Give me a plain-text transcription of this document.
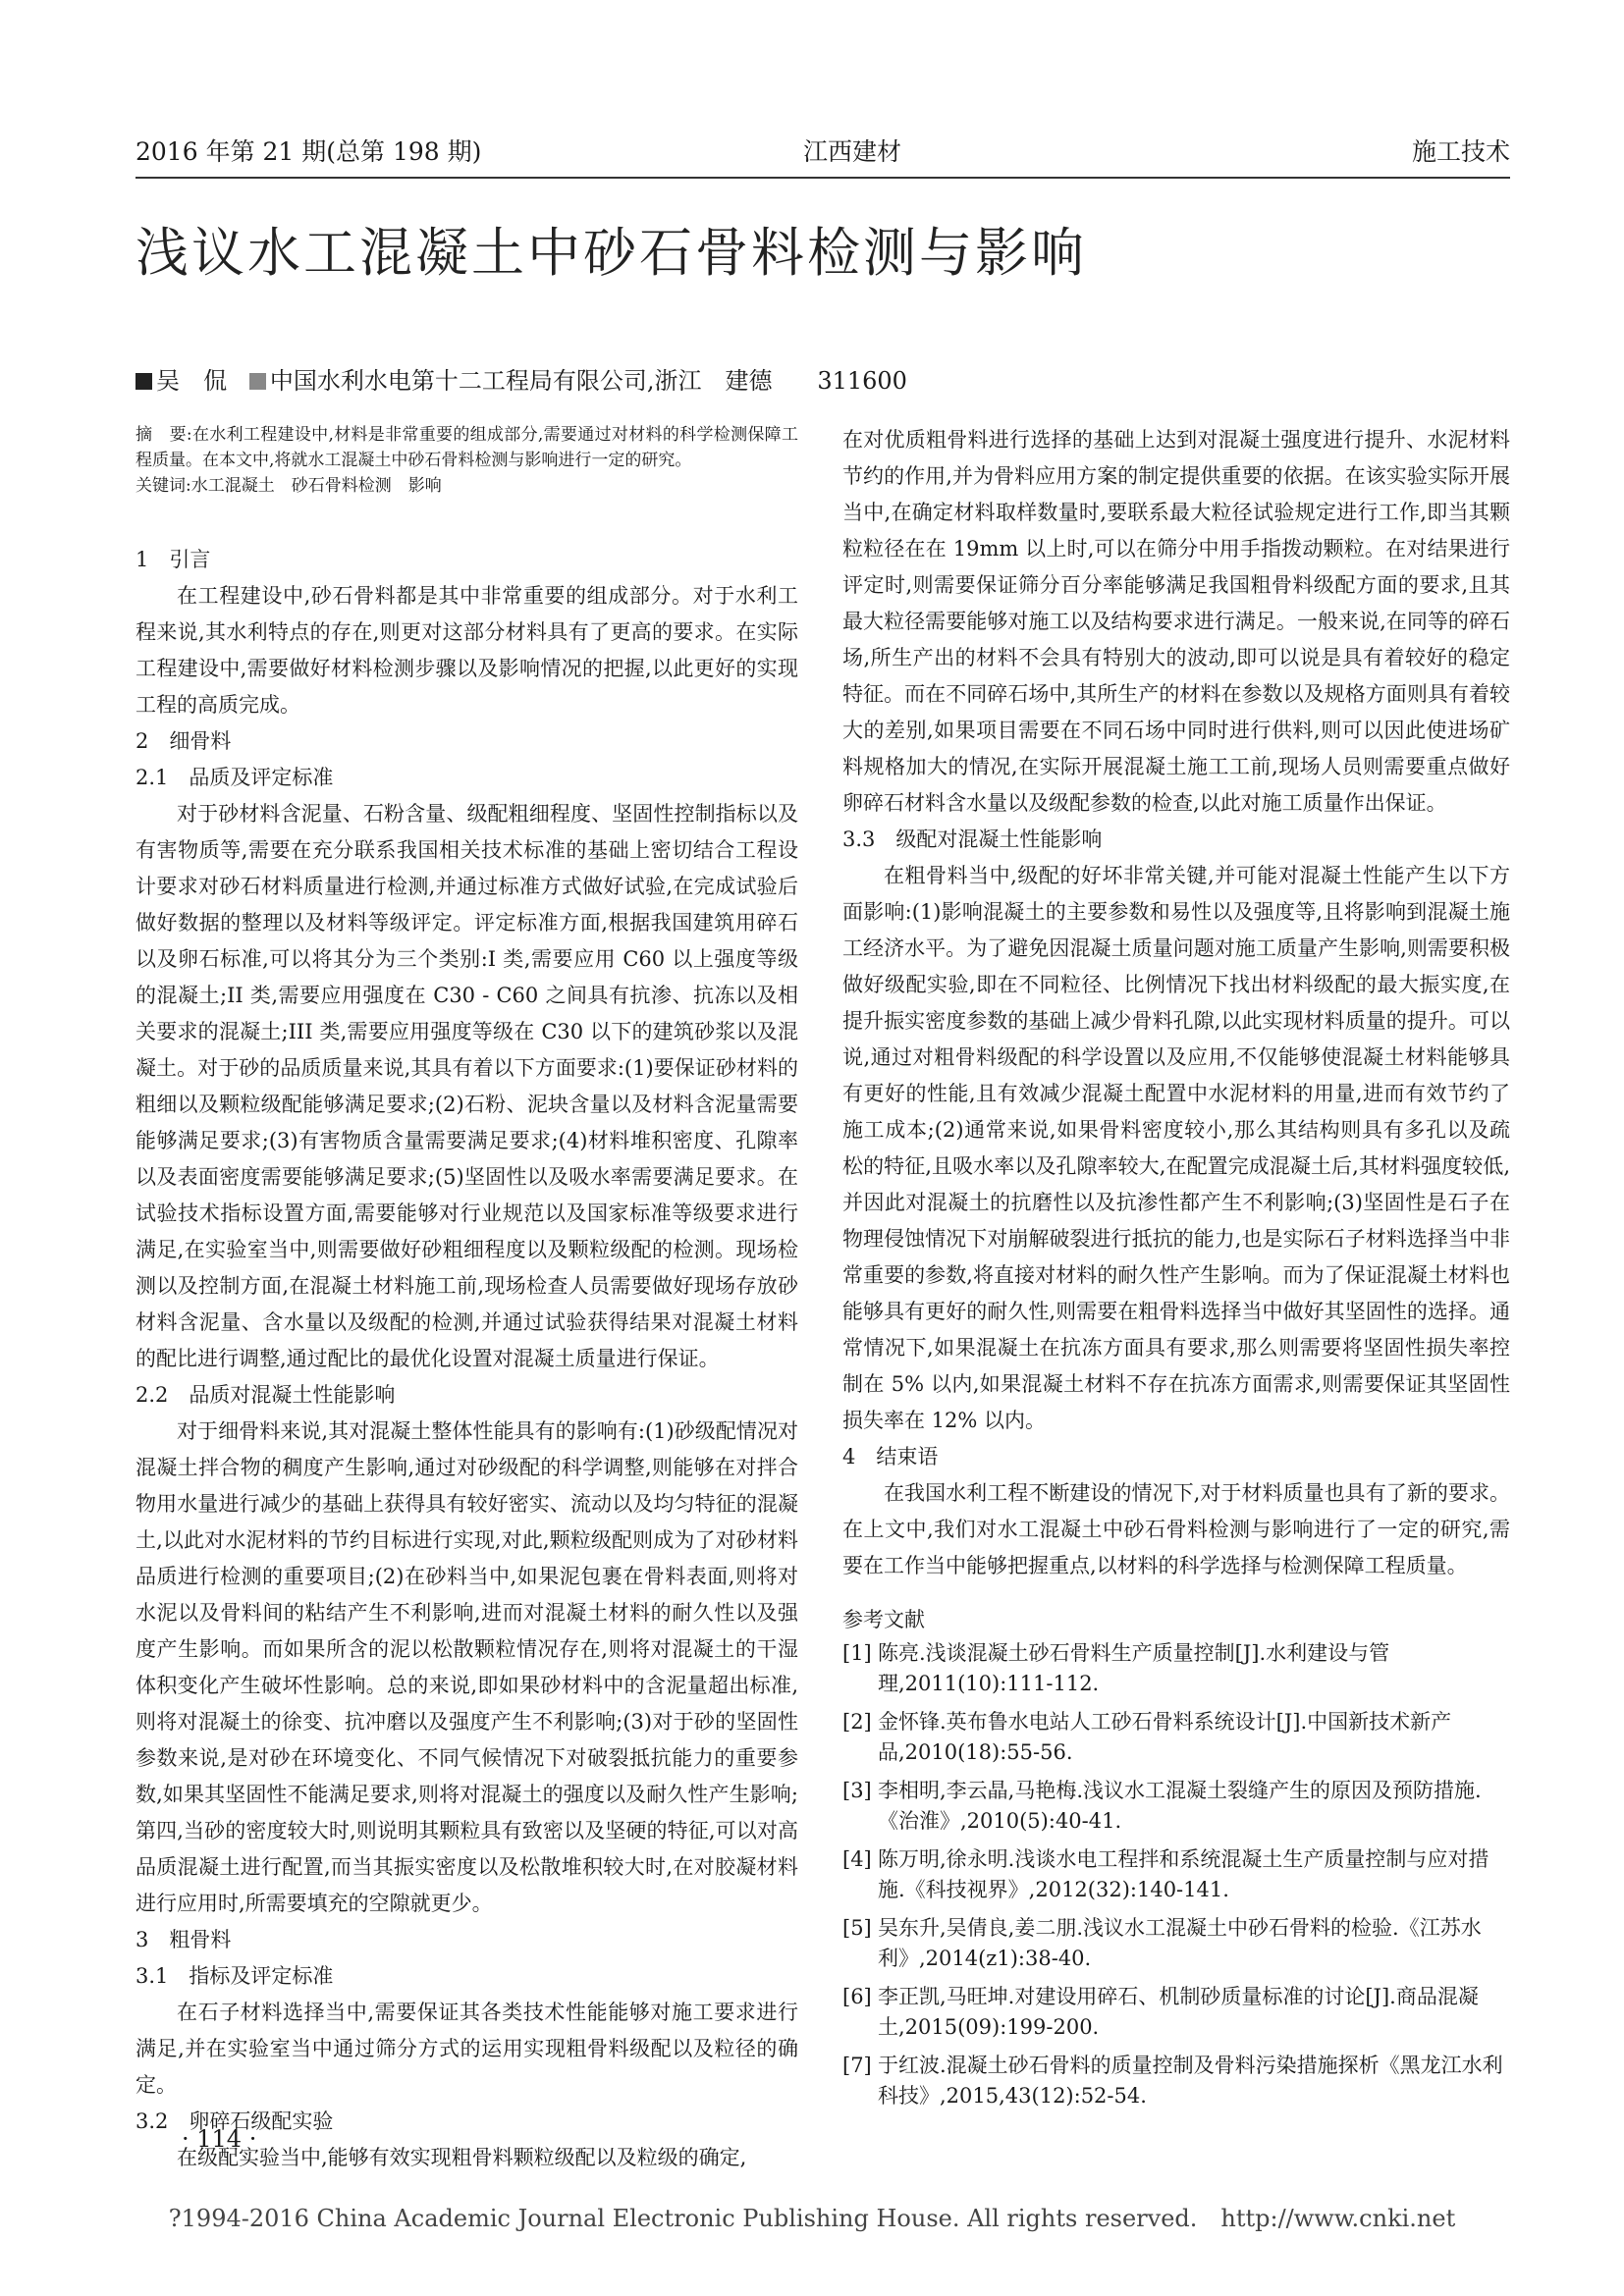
2016 年第 21 期(总第 198 期)	江西建材	施工技术
浅议水工混凝土中砂石骨料检测与影响
吴　侃 中国水利水电第十二工程局有限公司,浙江　建德 311600

摘　要:在水利工程建设中,材料是非常重要的组成部分,需要通过对材料的科学检测保障工程质量。在本文中,将就水工混凝土中砂石骨料检测与影响进行一定的研究。

关键词:水工混凝土　砂石骨料检测　影响

1　引言

在工程建设中,砂石骨料都是其中非常重要的组成部分。对于水利工程来说,其水利特点的存在,则更对这部分材料具有了更高的要求。在实际工程建设中,需要做好材料检测步骤以及影响情况的把握,以此更好的实现工程的高质完成。

2　细骨料

2.1　品质及评定标准

对于砂材料含泥量、石粉含量、级配粗细程度、坚固性控制指标以及有害物质等,需要在充分联系我国相关技术标准的基础上密切结合工程设计要求对砂石材料质量进行检测,并通过标准方式做好试验,在完成试验后做好数据的整理以及材料等级评定。评定标准方面,根据我国建筑用碎石以及卵石标准,可以将其分为三个类别:I 类,需要应用 C60 以上强度等级的混凝土;II 类,需要应用强度在 C30 - C60 之间具有抗渗、抗冻以及相关要求的混凝土;III 类,需要应用强度等级在 C30 以下的建筑砂浆以及混凝土。对于砂的品质质量来说,其具有着以下方面要求:(1)要保证砂材料的粗细以及颗粒级配能够满足要求;(2)石粉、泥块含量以及材料含泥量需要能够满足要求;(3)有害物质含量需要满足要求;(4)材料堆积密度、孔隙率以及表面密度需要能够满足要求;(5)坚固性以及吸水率需要满足要求。在试验技术指标设置方面,需要能够对行业规范以及国家标准等级要求进行满足,在实验室当中,则需要做好砂粗细程度以及颗粒级配的检测。现场检测以及控制方面,在混凝土材料施工前,现场检查人员需要做好现场存放砂材料含泥量、含水量以及级配的检测,并通过试验获得结果对混凝土材料的配比进行调整,通过配比的最优化设置对混凝土质量进行保证。

2.2　品质对混凝土性能影响

对于细骨料来说,其对混凝土整体性能具有的影响有:(1)砂级配情况对混凝土拌合物的稠度产生影响,通过对砂级配的科学调整,则能够在对拌合物用水量进行减少的基础上获得具有较好密实、流动以及均匀特征的混凝土,以此对水泥材料的节约目标进行实现,对此,颗粒级配则成为了对砂材料品质进行检测的重要项目;(2)在砂料当中,如果泥包裹在骨料表面,则将对水泥以及骨料间的粘结产生不利影响,进而对混凝土材料的耐久性以及强度产生影响。而如果所含的泥以松散颗粒情况存在,则将对混凝土的干湿体积变化产生破坏性影响。总的来说,即如果砂材料中的含泥量超出标准,则将对混凝土的徐变、抗冲磨以及强度产生不利影响;(3)对于砂的坚固性参数来说,是对砂在环境变化、不同气候情况下对破裂抵抗能力的重要参数,如果其坚固性不能满足要求,则将对混凝土的强度以及耐久性产生影响;第四,当砂的密度较大时,则说明其颗粒具有致密以及坚硬的特征,可以对高品质混凝土进行配置,而当其振实密度以及松散堆积较大时,在对胶凝材料进行应用时,所需要填充的空隙就更少。

3　粗骨料

3.1　指标及评定标准

在石子材料选择当中,需要保证其各类技术性能能够对施工要求进行满足,并在实验室当中通过筛分方式的运用实现粗骨料级配以及粒径的确定。

3.2　卵碎石级配实验

在级配实验当中,能够有效实现粗骨料颗粒级配以及粒级的确定,

在对优质粗骨料进行选择的基础上达到对混凝土强度进行提升、水泥材料节约的作用,并为骨料应用方案的制定提供重要的依据。在该实验实际开展当中,在确定材料取样数量时,要联系最大粒径试验规定进行工作,即当其颗粒粒径在在 19mm 以上时,可以在筛分中用手指拨动颗粒。在对结果进行评定时,则需要保证筛分百分率能够满足我国粗骨料级配方面的要求,且其最大粒径需要能够对施工以及结构要求进行满足。一般来说,在同等的碎石场,所生产出的材料不会具有特别大的波动,即可以说是具有着较好的稳定特征。而在不同碎石场中,其所生产的材料在参数以及规格方面则具有着较大的差别,如果项目需要在不同石场中同时进行供料,则可以因此使进场矿料规格加大的情况,在实际开展混凝土施工工前,现场人员则需要重点做好卵碎石材料含水量以及级配参数的检查,以此对施工质量作出保证。

3.3　级配对混凝土性能影响

在粗骨料当中,级配的好坏非常关键,并可能对混凝土性能产生以下方面影响:(1)影响混凝土的主要参数和易性以及强度等,且将影响到混凝土施工经济水平。为了避免因混凝土质量问题对施工质量产生影响,则需要积极做好级配实验,即在不同粒径、比例情况下找出材料级配的最大振实度,在提升振实密度参数的基础上减少骨料孔隙,以此实现材料质量的提升。可以说,通过对粗骨料级配的科学设置以及应用,不仅能够使混凝土材料能够具有更好的性能,且有效减少混凝土配置中水泥材料的用量,进而有效节约了施工成本;(2)通常来说,如果骨料密度较小,那么其结构则具有多孔以及疏松的特征,且吸水率以及孔隙率较大,在配置完成混凝土后,其材料强度较低,并因此对混凝土的抗磨性以及抗渗性都产生不利影响;(3)坚固性是石子在物理侵蚀情况下对崩解破裂进行抵抗的能力,也是实际石子材料选择当中非常重要的参数,将直接对材料的耐久性产生影响。而为了保证混凝土材料也能够具有更好的耐久性,则需要在粗骨料选择当中做好其坚固性的选择。通常情况下,如果混凝土在抗冻方面具有要求,那么则需要将坚固性损失率控制在 5% 以内,如果混凝土材料不存在抗冻方面需求,则需要保证其坚固性损失率在 12% 以内。

4　结束语

在我国水利工程不断建设的情况下,对于材料质量也具有了新的要求。在上文中,我们对水工混凝土中砂石骨料检测与影响进行了一定的研究,需要在工作当中能够把握重点,以材料的科学选择与检测保障工程质量。

参考文献

[1] 陈亮.浅谈混凝土砂石骨料生产质量控制[J].水利建设与管理,2011(10):111-112.
[2] 金怀锋.英布鲁水电站人工砂石骨料系统设计[J].中国新技术新产品,2010(18):55-56.
[3] 李相明,李云晶,马艳梅.浅议水工混凝土裂缝产生的原因及预防措施.《治淮》,2010(5):40-41.
[4] 陈万明,徐永明.浅谈水电工程拌和系统混凝土生产质量控制与应对措施.《科技视界》,2012(32):140-141.
[5] 吴东升,吴倩良,姜二朋.浅议水工混凝土中砂石骨料的检验.《江苏水利》,2014(z1):38-40.
[6] 李正凯,马旺坤.对建设用碎石、机制砂质量标准的讨论[J].商品混凝土,2015(09):199-200.
[7] 于红波.混凝土砂石骨料的质量控制及骨料污染措施探析《黑龙江水利科技》,2015,43(12):52-54.
· 114 ·
?1994-2016 China Academic Journal Electronic Publishing House. All rights reserved.　http://www.cnki.net
